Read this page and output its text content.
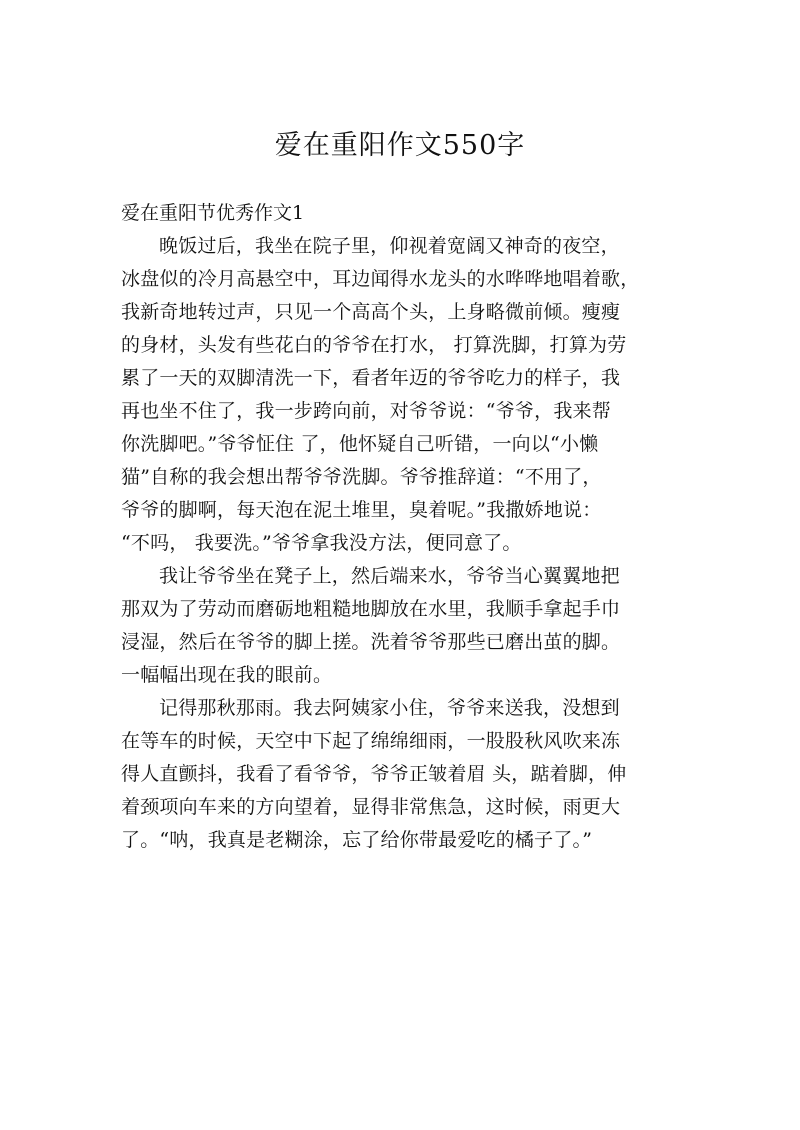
爱在重阳作文550字
爱在重阳节优秀作文1
晚饭过后，我坐在院子里，仰视着宽阔又神奇的夜空，
冰盘似的冷月高悬空中，耳边闻得水龙头的水哗哗地唱着歌，
我新奇地转过声，只见一个高高个头，上身略微前倾。瘦瘦
的身材，头发有些花白的爷爷在打水， 打算洗脚，打算为劳
累了一天的双脚清洗一下，看者年迈的爷爷吃力的样子，我
再也坐不住了，我一步跨向前，对爷爷说：“爷爷，我来帮
你洗脚吧。”爷爷怔住 了，他怀疑自己听错，一向以“小懒
猫”自称的我会想出帮爷爷洗脚。爷爷推辞道：“不用了，
爷爷的脚啊，每天泡在泥土堆里，臭着呢。”我撒娇地说：
“不吗， 我要洗。”爷爷拿我没方法，便同意了。
我让爷爷坐在凳子上，然后端来水，爷爷当心翼翼地把
那双为了劳动而磨砺地粗糙地脚放在水里，我顺手拿起手巾
浸湿，然后在爷爷的脚上搓。洗着爷爷那些已磨出茧的脚。
一幅幅出现在我的眼前。
记得那秋那雨。我去阿姨家小住，爷爷来送我，没想到
在等车的时候，天空中下起了绵绵细雨，一股股秋风吹来冻
得人直颤抖，我看了看爷爷，爷爷正皱着眉 头，踮着脚，伸
着颈项向车来的方向望着，显得非常焦急，这时候，雨更大
了。“呐，我真是老糊涂，忘了给你带最爱吃的橘子了。”
